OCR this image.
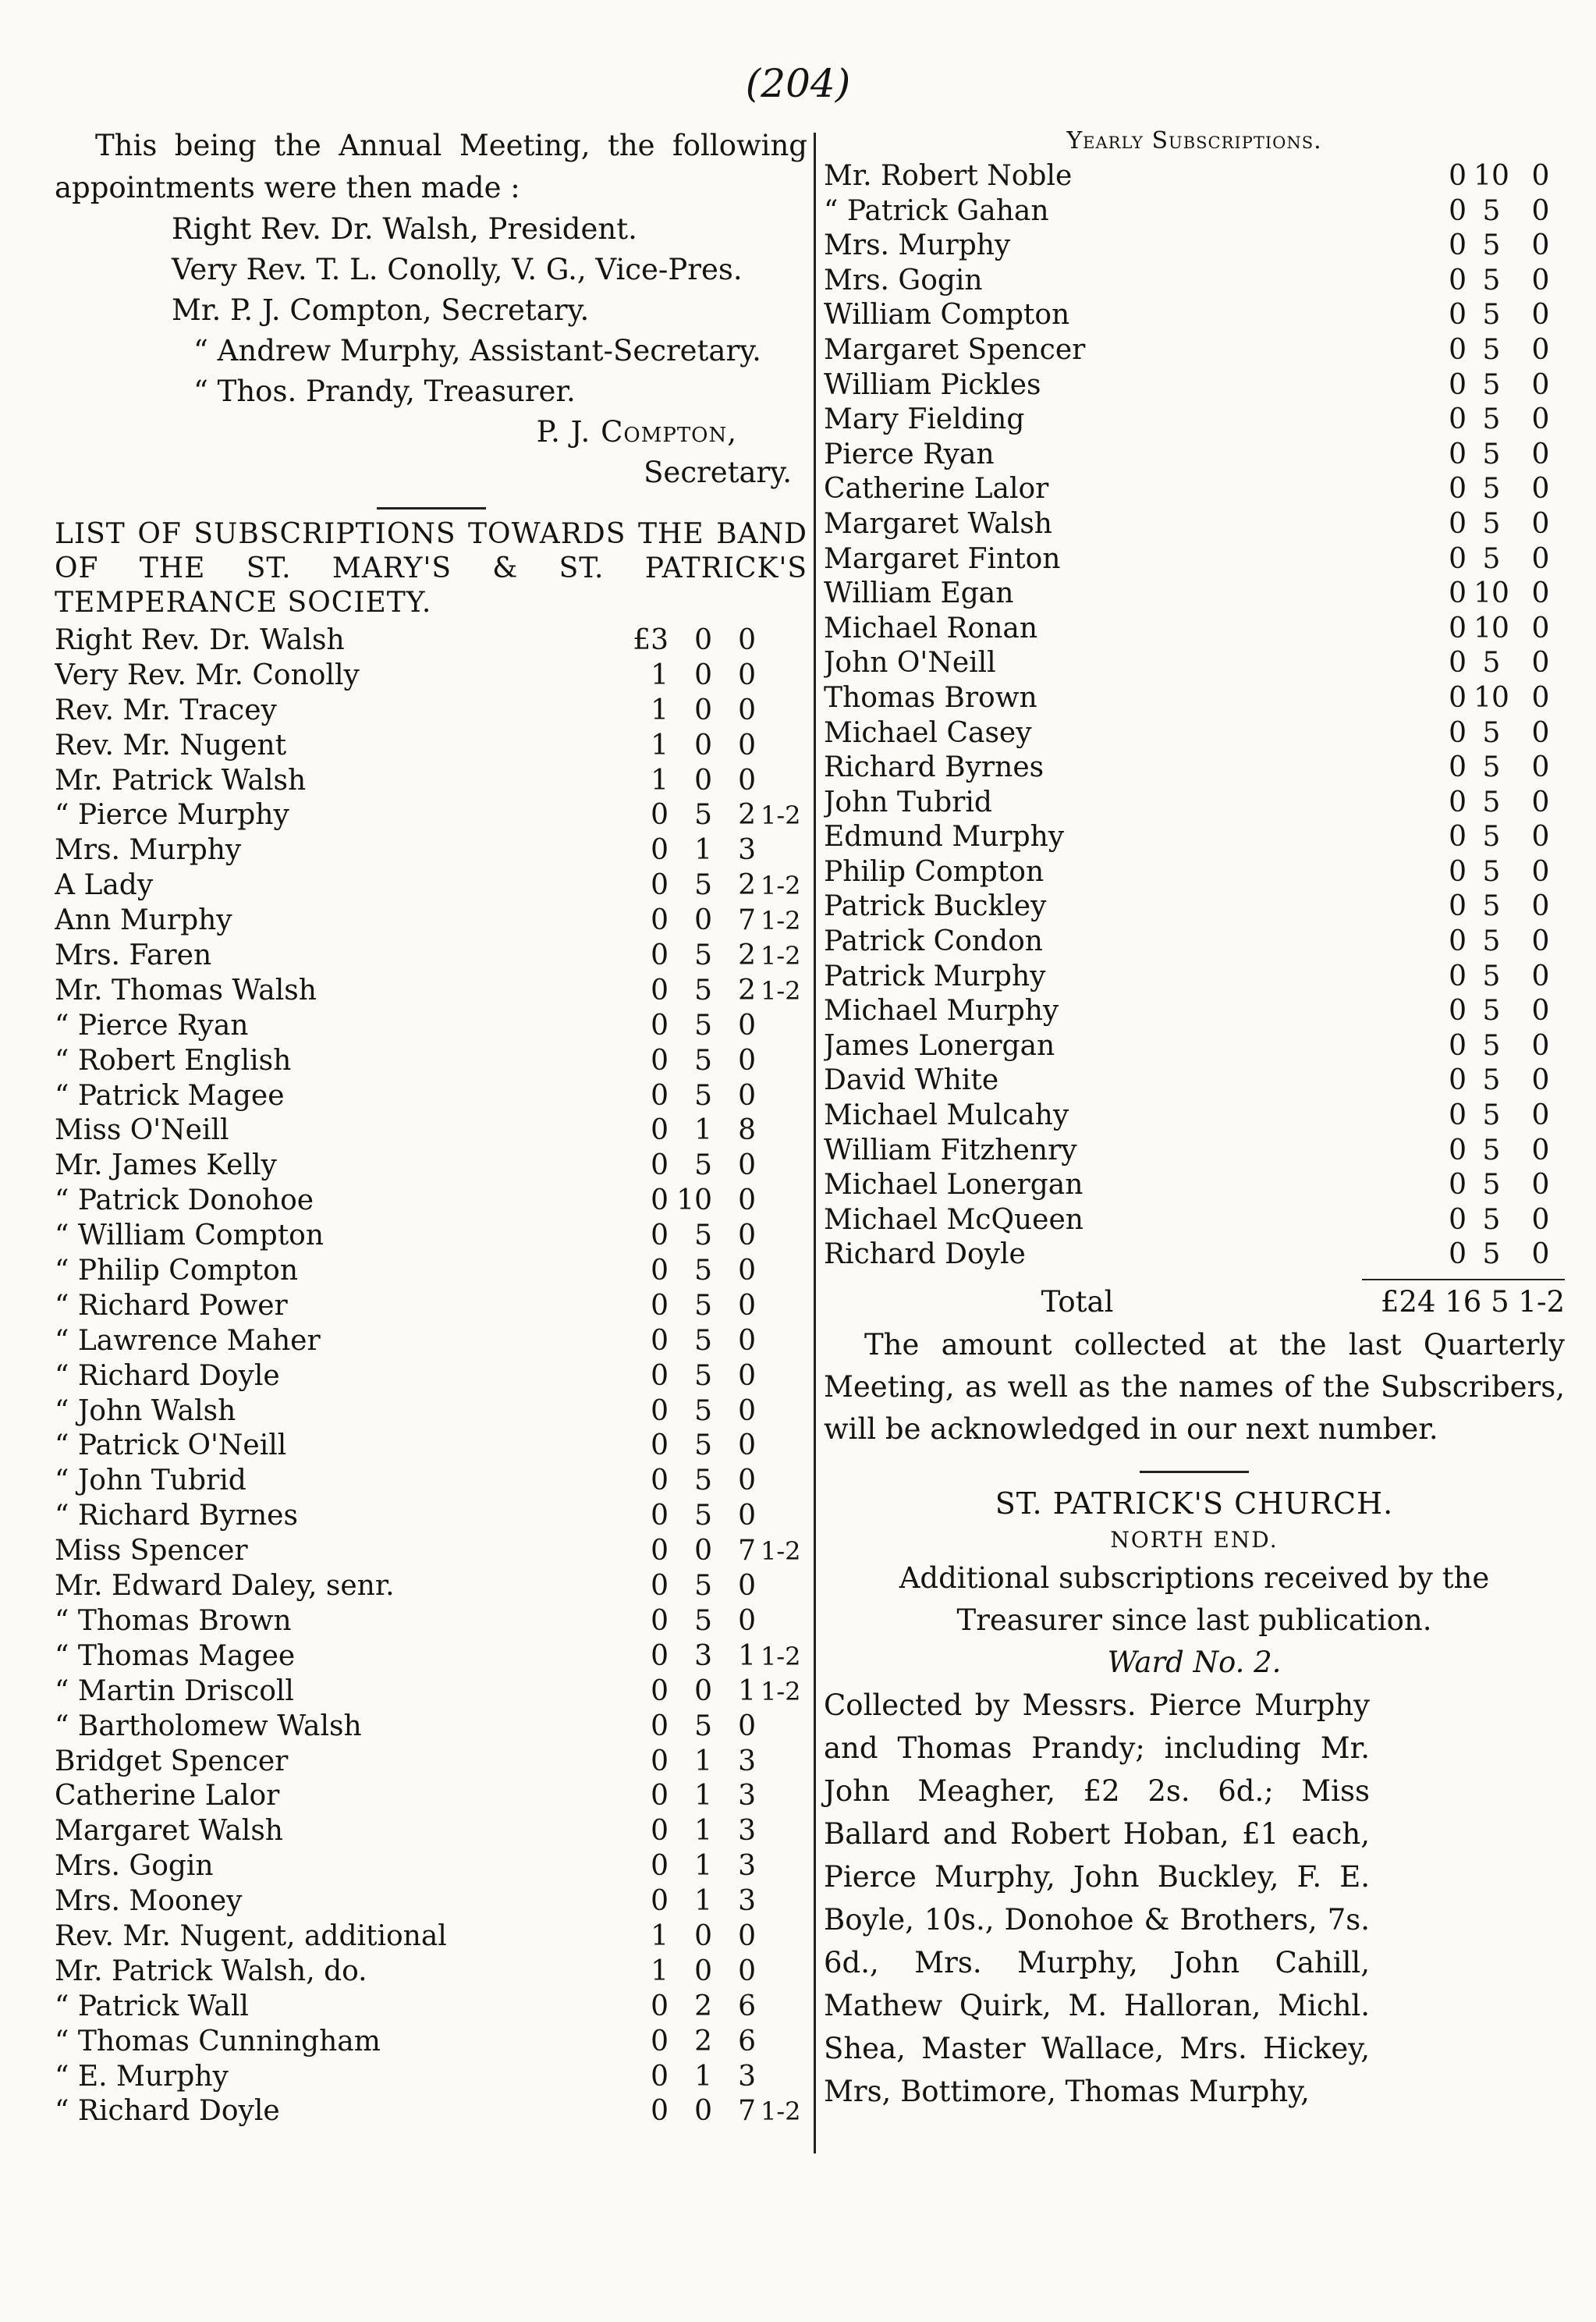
(204)
This being the Annual Meeting, the following appointments were then made :
Right Rev. Dr. Walsh, President.
Very Rev. T. L. Conolly, V. G., Vice-Pres.
Mr. P. J. Compton, Secretary.
“ Andrew Murphy, Assistant-Secretary.
“ Thos. Prandy, Treasurer.
P. J. Compton,
Secretary.
LIST OF SUBSCRIPTIONS TOWARDS THE BAND OF THE ST. MARY'S & ST. PATRICK'S TEMPERANCE SOCIETY.
Right Rev. Dr. Walsh	£3 0 0
Very Rev. Mr. Conolly	1 0 0
Rev. Mr. Tracey	1 0 0
Rev. Mr. Nugent	1 0 0
Mr. Patrick Walsh	1 0 0
“ Pierce Murphy	0 5 2 1-2
Mrs. Murphy	0 1 3
A Lady	0 5 2 1-2
Ann Murphy	0 0 7 1-2
Mrs. Faren	0 5 2 1-2
Mr. Thomas Walsh	0 5 2 1-2
“ Pierce Ryan	0 5 0
“ Robert English	0 5 0
“ Patrick Magee	0 5 0
Miss O'Neill	0 1 8
Mr. James Kelly	0 5 0
“ Patrick Donohoe	0 10 0
“ William Compton	0 5 0
“ Philip Compton	0 5 0
“ Richard Power	0 5 0
“ Lawrence Maher	0 5 0
“ Richard Doyle	0 5 0
“ John Walsh	0 5 0
“ Patrick O'Neill	0 5 0
“ John Tubrid	0 5 0
“ Richard Byrnes	0 5 0
Miss Spencer	0 0 7 1-2
Mr. Edward Daley, senr.	0 5 0
“ Thomas Brown	0 5 0
“ Thomas Magee	0 3 1 1-2
“ Martin Driscoll	0 0 1 1-2
“ Bartholomew Walsh	0 5 0
Bridget Spencer	0 1 3
Catherine Lalor	0 1 3
Margaret Walsh	0 1 3
Mrs. Gogin	0 1 3
Mrs. Mooney	0 1 3
Rev. Mr. Nugent, additional	1 0 0
Mr. Patrick Walsh, do.	1 0 0
“ Patrick Wall	0 2 6
“ Thomas Cunningham	0 2 6
“ E. Murphy	0 1 3
“ Richard Doyle	0 0 7 1-2
Yearly Subscriptions.
Mr. Robert Noble	0 10 0
“ Patrick Gahan	0 5	0
Mrs. Murphy	0 5	0
Mrs. Gogin	0 5	0
William Compton	0 5	0
Margaret Spencer	0 5	0
William Pickles	0 5	0
Mary Fielding	0 5	0
Pierce Ryan	0 5	0
Catherine Lalor	0 5	0
Margaret Walsh	0 5	0
Margaret Finton	0 5	0
William Egan	0 10 0
Michael Ronan	0 10 0
John O'Neill	0 5	0
Thomas Brown	0 10 0
Michael Casey	0 5	0
Richard Byrnes	0 5	0
John Tubrid	0 5	0
Edmund Murphy	0 5	0
Philip Compton	0 5	0
Patrick Buckley	0 5	0
Patrick Condon	0 5	0
Patrick Murphy	0 5	0
Michael Murphy	0 5	0
James Lonergan	0 5	0
David White	0 5	0
Michael Mulcahy	0 5	0
William Fitzhenry	0 5	0
Michael Lonergan	0 5	0
Michael McQueen	0 5	0
Richard Doyle	0 5	0
Total	£24 16 5 1-2
The amount collected at the last Quarterly Meeting, as well as the names of the Subscribers, will be acknowledged in our next number.
ST. PATRICK'S CHURCH.
NORTH END.
Additional subscriptions received by the Treasurer since last publication.
Ward No. 2.
Collected by Messrs. Pierce Murphy and Thomas Prandy; including Mr. John Meagher, £2 2s. 6d.; Miss Ballard and Robert Hoban, £1 each, Pierce Murphy, John Buckley, F. E. Boyle, 10s., Donohoe & Brothers, 7s. 6d., Mrs. Murphy, John Cahill, Mathew Quirk, M. Halloran, Michl. Shea, Master Wallace, Mrs. Hickey, Mrs, Bottimore, Thomas Murphy,
